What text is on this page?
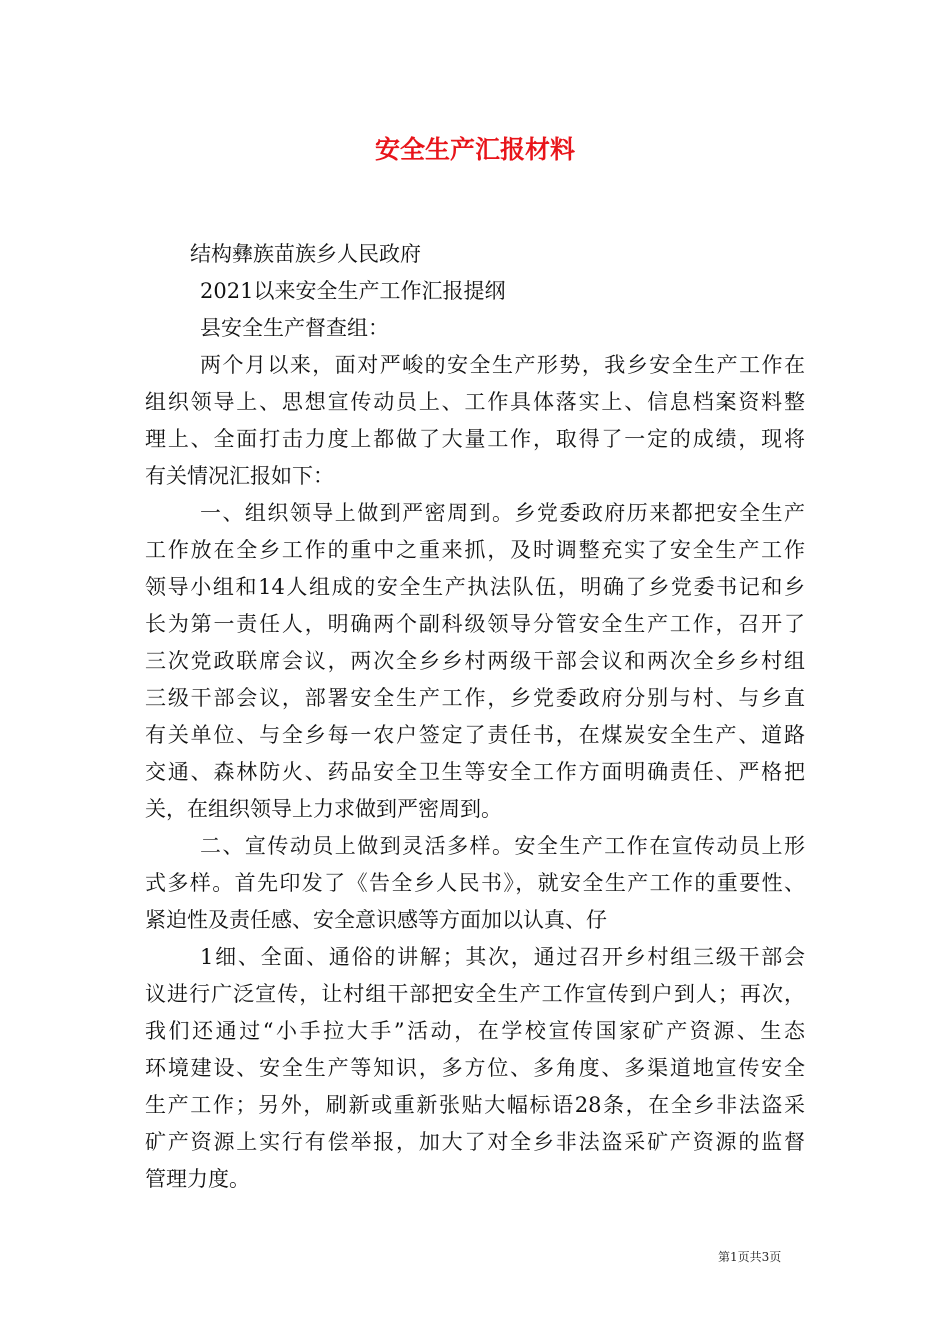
安全生产汇报材料
结构彝族苗族乡人民政府
2021以来安全生产工作汇报提纲
县安全生产督查组：
两个月以来，面对严峻的安全生产形势，我乡安全生产工作在
组织领导上、思想宣传动员上、工作具体落实上、信息档案资料整
理上、全面打击力度上都做了大量工作，取得了一定的成绩，现将
有关情况汇报如下：
一、组织领导上做到严密周到。乡党委政府历来都把安全生产
工作放在全乡工作的重中之重来抓，及时调整充实了安全生产工作
领导小组和14人组成的安全生产执法队伍，明确了乡党委书记和乡
长为第一责任人，明确两个副科级领导分管安全生产工作，召开了
三次党政联席会议，两次全乡乡村两级干部会议和两次全乡乡村组
三级干部会议，部署安全生产工作，乡党委政府分别与村、与乡直
有关单位、与全乡每一农户签定了责任书，在煤炭安全生产、道路
交通、森林防火、药品安全卫生等安全工作方面明确责任、严格把
关，在组织领导上力求做到严密周到。
二、宣传动员上做到灵活多样。安全生产工作在宣传动员上形
式多样。首先印发了《告全乡人民书》，就安全生产工作的重要性、
紧迫性及责任感、安全意识感等方面加以认真、仔
1细、全面、通俗的讲解；其次，通过召开乡村组三级干部会
议进行广泛宣传，让村组干部把安全生产工作宣传到户到人；再次，
我们还通过“小手拉大手”活动，在学校宣传国家矿产资源、生态
环境建设、安全生产等知识，多方位、多角度、多渠道地宣传安全
生产工作；另外，刷新或重新张贴大幅标语28条，在全乡非法盗采
矿产资源上实行有偿举报，加大了对全乡非法盗采矿产资源的监督
管理力度。
第1页共3页
